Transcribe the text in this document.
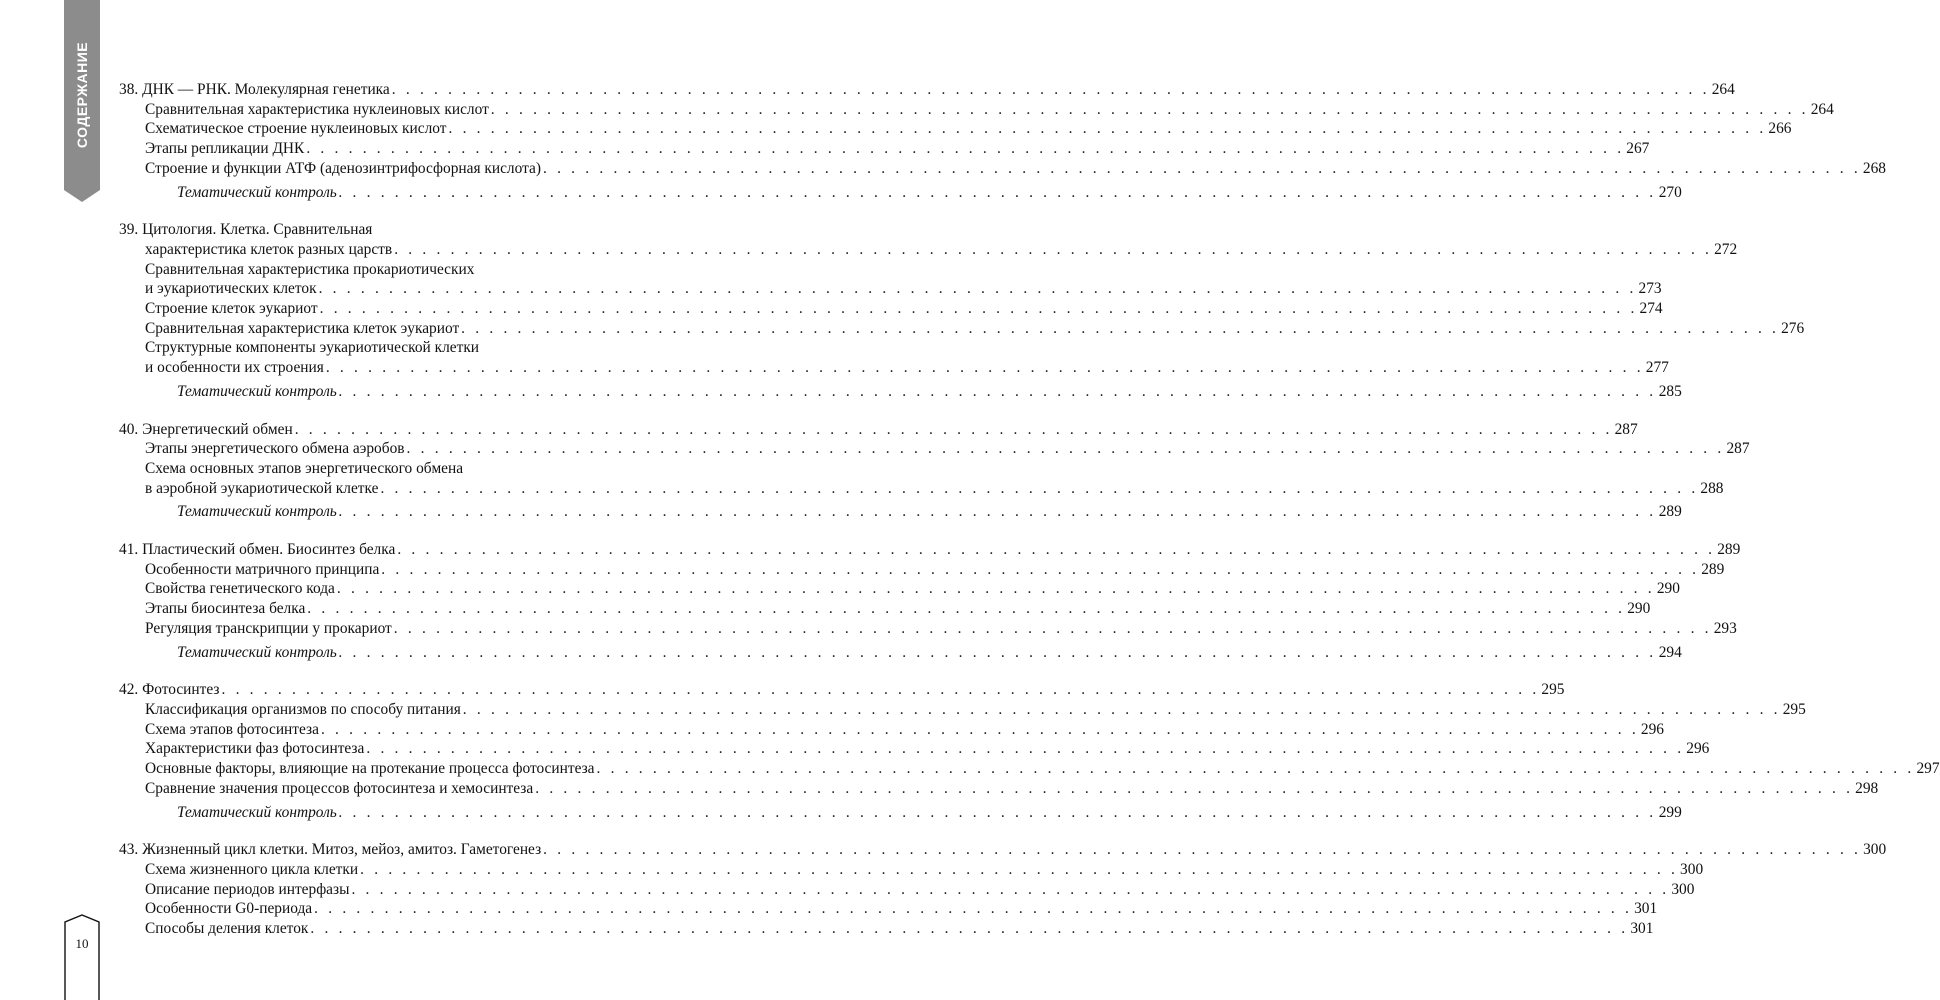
СОДЕРЖАНИЕ
10
38. ДНК — РНК. Молекулярная генетика . . . . . . . . . . . . . . . . . . . . . . . . . . . . . . . . . . . . . . . . . . . . . . . . . . . . . . . . . . . . . . . . . . . . . . . . . . . . . . . . . . . . . . . . . . . . . . 264
Сравнительная характеристика нуклеиновых кислот . . . . . . . . . . . . . . . . . . . . . . . . . . . . . . . . . . . . . . . . . . . . . . . . . . . . . . . . . . . . . . . . . . . . . . . . . . . . . . . . . . . . . . . . . . . . . . 264
Схематическое строение нуклеиновых кислот . . . . . . . . . . . . . . . . . . . . . . . . . . . . . . . . . . . . . . . . . . . . . . . . . . . . . . . . . . . . . . . . . . . . . . . . . . . . . . . . . . . . . . . . . . . . . . 266
Этапы репликации ДНК . . . . . . . . . . . . . . . . . . . . . . . . . . . . . . . . . . . . . . . . . . . . . . . . . . . . . . . . . . . . . . . . . . . . . . . . . . . . . . . . . . . . . . . . . . . . . . 267
Строение и функции АТФ (аденозинтрифосфорная кислота) . . . . . . . . . . . . . . . . . . . . . . . . . . . . . . . . . . . . . . . . . . . . . . . . . . . . . . . . . . . . . . . . . . . . . . . . . . . . . . . . . . . . . . . . . . . . . . 268
Тематический контроль . . . . . . . . . . . . . . . . . . . . . . . . . . . . . . . . . . . . . . . . . . . . . . . . . . . . . . . . . . . . . . . . . . . . . . . . . . . . . . . . . . . . . . . . . . . . . . 270
39. Цитология. Клетка. Сравнительная
характеристика клеток разных царств . . . . . . . . . . . . . . . . . . . . . . . . . . . . . . . . . . . . . . . . . . . . . . . . . . . . . . . . . . . . . . . . . . . . . . . . . . . . . . . . . . . . . . . . . . . . . . 272
Сравнительная характеристика прокариотических
и эукариотических клеток . . . . . . . . . . . . . . . . . . . . . . . . . . . . . . . . . . . . . . . . . . . . . . . . . . . . . . . . . . . . . . . . . . . . . . . . . . . . . . . . . . . . . . . . . . . . . . 273
Строение клеток эукариот . . . . . . . . . . . . . . . . . . . . . . . . . . . . . . . . . . . . . . . . . . . . . . . . . . . . . . . . . . . . . . . . . . . . . . . . . . . . . . . . . . . . . . . . . . . . . . 274
Сравнительная характеристика клеток эукариот . . . . . . . . . . . . . . . . . . . . . . . . . . . . . . . . . . . . . . . . . . . . . . . . . . . . . . . . . . . . . . . . . . . . . . . . . . . . . . . . . . . . . . . . . . . . . . 276
Структурные компоненты эукариотической клетки
и особенности их строения . . . . . . . . . . . . . . . . . . . . . . . . . . . . . . . . . . . . . . . . . . . . . . . . . . . . . . . . . . . . . . . . . . . . . . . . . . . . . . . . . . . . . . . . . . . . . . 277
Тематический контроль . . . . . . . . . . . . . . . . . . . . . . . . . . . . . . . . . . . . . . . . . . . . . . . . . . . . . . . . . . . . . . . . . . . . . . . . . . . . . . . . . . . . . . . . . . . . . . 285
40. Энергетический обмен . . . . . . . . . . . . . . . . . . . . . . . . . . . . . . . . . . . . . . . . . . . . . . . . . . . . . . . . . . . . . . . . . . . . . . . . . . . . . . . . . . . . . . . . . . . . . . 287
Этапы энергетического обмена аэробов . . . . . . . . . . . . . . . . . . . . . . . . . . . . . . . . . . . . . . . . . . . . . . . . . . . . . . . . . . . . . . . . . . . . . . . . . . . . . . . . . . . . . . . . . . . . . . 287
Схема основных этапов энергетического обмена
в аэробной эукариотической клетке . . . . . . . . . . . . . . . . . . . . . . . . . . . . . . . . . . . . . . . . . . . . . . . . . . . . . . . . . . . . . . . . . . . . . . . . . . . . . . . . . . . . . . . . . . . . . . 288
Тематический контроль . . . . . . . . . . . . . . . . . . . . . . . . . . . . . . . . . . . . . . . . . . . . . . . . . . . . . . . . . . . . . . . . . . . . . . . . . . . . . . . . . . . . . . . . . . . . . . 289
41. Пластический обмен. Биосинтез белка . . . . . . . . . . . . . . . . . . . . . . . . . . . . . . . . . . . . . . . . . . . . . . . . . . . . . . . . . . . . . . . . . . . . . . . . . . . . . . . . . . . . . . . . . . . . . . 289
Особенности матричного принципа . . . . . . . . . . . . . . . . . . . . . . . . . . . . . . . . . . . . . . . . . . . . . . . . . . . . . . . . . . . . . . . . . . . . . . . . . . . . . . . . . . . . . . . . . . . . . . 289
Свойства генетического кода . . . . . . . . . . . . . . . . . . . . . . . . . . . . . . . . . . . . . . . . . . . . . . . . . . . . . . . . . . . . . . . . . . . . . . . . . . . . . . . . . . . . . . . . . . . . . . 290
Этапы биосинтеза белка . . . . . . . . . . . . . . . . . . . . . . . . . . . . . . . . . . . . . . . . . . . . . . . . . . . . . . . . . . . . . . . . . . . . . . . . . . . . . . . . . . . . . . . . . . . . . . 290
Регуляция транскрипции у прокариот . . . . . . . . . . . . . . . . . . . . . . . . . . . . . . . . . . . . . . . . . . . . . . . . . . . . . . . . . . . . . . . . . . . . . . . . . . . . . . . . . . . . . . . . . . . . . . 293
Тематический контроль . . . . . . . . . . . . . . . . . . . . . . . . . . . . . . . . . . . . . . . . . . . . . . . . . . . . . . . . . . . . . . . . . . . . . . . . . . . . . . . . . . . . . . . . . . . . . . 294
42. Фотосинтез . . . . . . . . . . . . . . . . . . . . . . . . . . . . . . . . . . . . . . . . . . . . . . . . . . . . . . . . . . . . . . . . . . . . . . . . . . . . . . . . . . . . . . . . . . . . . . 295
Классификация организмов по способу питания . . . . . . . . . . . . . . . . . . . . . . . . . . . . . . . . . . . . . . . . . . . . . . . . . . . . . . . . . . . . . . . . . . . . . . . . . . . . . . . . . . . . . . . . . . . . . . 295
Схема этапов фотосинтеза . . . . . . . . . . . . . . . . . . . . . . . . . . . . . . . . . . . . . . . . . . . . . . . . . . . . . . . . . . . . . . . . . . . . . . . . . . . . . . . . . . . . . . . . . . . . . . 296
Характеристики фаз фотосинтеза . . . . . . . . . . . . . . . . . . . . . . . . . . . . . . . . . . . . . . . . . . . . . . . . . . . . . . . . . . . . . . . . . . . . . . . . . . . . . . . . . . . . . . . . . . . . . . 296
Основные факторы, влияющие на протекание процесса фотосинтеза . . . . . . . . . . . . . . . . . . . . . . . . . . . . . . . . . . . . . . . . . . . . . . . . . . . . . . . . . . . . . . . . . . . . . . . . . . . . . . . . . . . . . . . . . . . . . . 297
Сравнение значения процессов фотосинтеза и хемосинтеза . . . . . . . . . . . . . . . . . . . . . . . . . . . . . . . . . . . . . . . . . . . . . . . . . . . . . . . . . . . . . . . . . . . . . . . . . . . . . . . . . . . . . . . . . . . . . . 298
Тематический контроль . . . . . . . . . . . . . . . . . . . . . . . . . . . . . . . . . . . . . . . . . . . . . . . . . . . . . . . . . . . . . . . . . . . . . . . . . . . . . . . . . . . . . . . . . . . . . . 299
43. Жизненный цикл клетки. Митоз, мейоз, амитоз. Гаметогенез . . . . . . . . . . . . . . . . . . . . . . . . . . . . . . . . . . . . . . . . . . . . . . . . . . . . . . . . . . . . . . . . . . . . . . . . . . . . . . . . . . . . . . . . . . . . . . 300
Схема жизненного цикла клетки . . . . . . . . . . . . . . . . . . . . . . . . . . . . . . . . . . . . . . . . . . . . . . . . . . . . . . . . . . . . . . . . . . . . . . . . . . . . . . . . . . . . . . . . . . . . . . 300
Описание периодов интерфазы . . . . . . . . . . . . . . . . . . . . . . . . . . . . . . . . . . . . . . . . . . . . . . . . . . . . . . . . . . . . . . . . . . . . . . . . . . . . . . . . . . . . . . . . . . . . . . 300
Особенности G0-периода . . . . . . . . . . . . . . . . . . . . . . . . . . . . . . . . . . . . . . . . . . . . . . . . . . . . . . . . . . . . . . . . . . . . . . . . . . . . . . . . . . . . . . . . . . . . . . 301
Способы деления клеток . . . . . . . . . . . . . . . . . . . . . . . . . . . . . . . . . . . . . . . . . . . . . . . . . . . . . . . . . . . . . . . . . . . . . . . . . . . . . . . . . . . . . . . . . . . . . . 301
